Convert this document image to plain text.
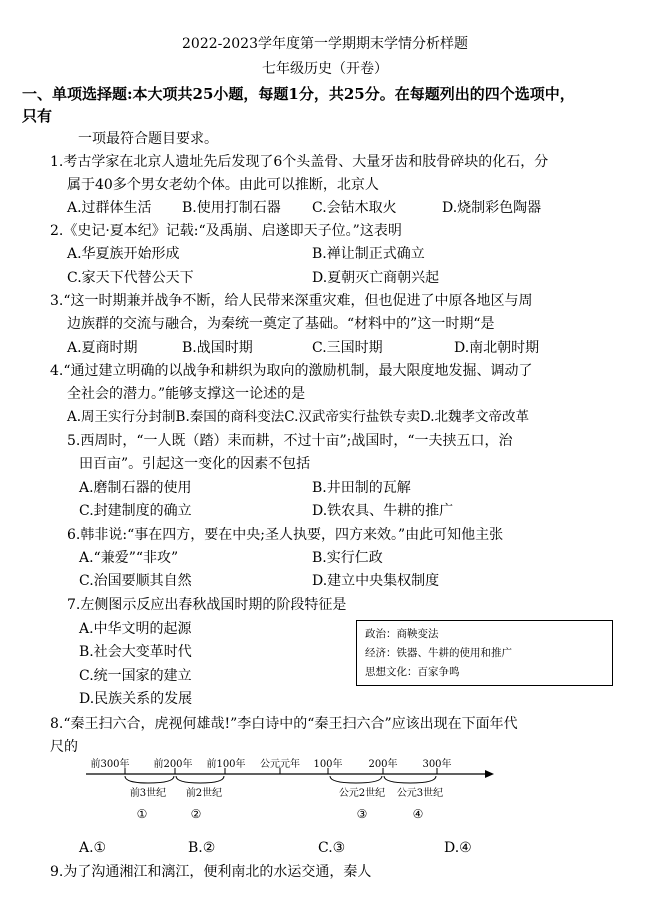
2022-2023学年度第一学期期末学情分析样题
七年级历史（开卷）
一、单项选择题:本大项共25小题，每题1分，共25分。在每题列出的四个选项中，
只有
一项最符合题目要求。
1.考古学家在北京人遗址先后发现了6个头盖骨、大量牙齿和肢骨碎块的化石，分
属于40多个男女老幼个体。由此可以推断，北京人
A.过群体生活 B.使用打制石器 C.会钻木取火	D.烧制彩色陶器
2.《史记·夏本纪》记载:“及禹崩、启遂即天子位。”这表明
A.华夏族开始形成	B.禅让制正式确立
C.家天下代替公天下	D.夏朝灭亡商朝兴起
3.“这一时期兼并战争不断，给人民带来深重灾难，但也促进了中原各地区与周
边族群的交流与融合，为秦统一奠定了基础。“材料中的”这一时期“是
A.夏商时期	B.战国时期	C.三国时期	D.南北朝时期
4.“通过建立明确的以战争和耕织为取向的激励机制，最大限度地发掘、调动了
全社会的潜力。”能够支撑这一论述的是
A.周王实行分封制B.秦国的商科变法C.汉武帝实行盐铁专卖D.北魏孝文帝改革
5.西周时，“一人既（踏）耒而耕，不过十亩”;战国时，“一夫挟五口，治
田百亩”。引起这一变化的因素不包括
A.磨制石器的使用	B.井田制的瓦解
C.封建制度的确立	D.铁农具、牛耕的推广
6.韩非说:“事在四方，要在中央;圣人执要，四方来效。”由此可知他主张
A.“兼爱”“非攻”	B.实行仁政
C.治国要顺其自然	D.建立中央集权制度
7.左侧图示反应出春秋战国时期的阶段特征是
A.中华文明的起源
B.社会大变革时代
C.统一国家的建立
D.民族关系的发展
政治：商鞅变法
经济：铁器、牛耕的使用和推广
思想文化：百家争鸣
8.“秦王扫六合，虎视何雄哉!”李白诗中的“秦王扫六合”应该出现在下面年代
尺的
前300年 前200年 前100年 公元元年 100年	200年 300年
前3世纪 前2世纪	公元2世纪 公元3世纪
①	②	③	④
A.①	B.②	C.③	D.④
9.为了沟通湘江和漓江，便利南北的水运交通，秦人
